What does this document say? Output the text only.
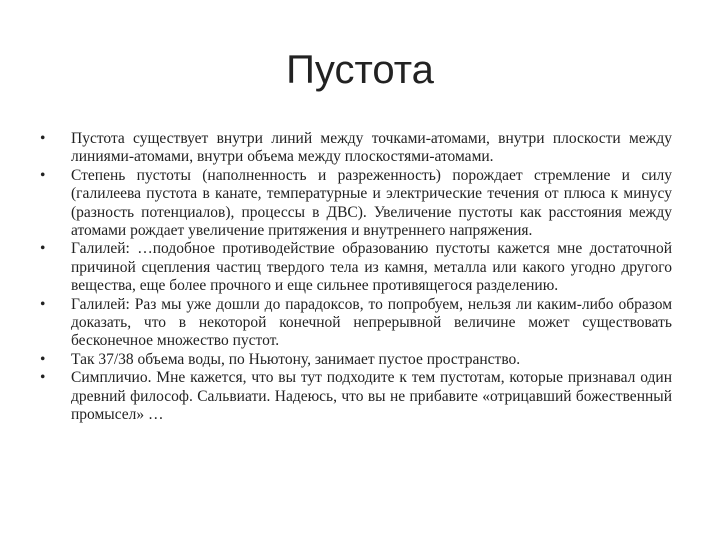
Пустота
•	Пустота существует внутри линий между точками-атомами, внутри плоскости между линиями-атомами, внутри объема между плоскостями-атомами.
•	Степень пустоты (наполненность и разреженность) порождает стремление и силу (галилеева пустота в канате, температурные и электрические течения от плюса к минусу (разность потенциалов), процессы в ДВС). Увеличение пустоты как расстояния между атомами рождает увеличение притяжения и внутреннего напряжения.
•	Галилей: …подобное противодействие образованию пустоты кажется мне достаточной причиной сцепления частиц твердого тела из камня, металла или какого угодно другого вещества, еще более прочного и еще сильнее противящегося разделению.
•	Галилей: Раз мы уже дошли до парадоксов, то попробуем, нельзя ли каким-либо образом доказать, что в некоторой конечной непрерывной величине может существовать бесконечное множество пустот.
•	Так 37/38 объема воды, по Ньютону, занимает пустое пространство.
•	Симпличио. Мне кажется, что вы тут подходите к тем пустотам, которые признавал один древний философ. Сальвиати. Надеюсь, что вы не прибавите «отрицавший божественный промысел» …
